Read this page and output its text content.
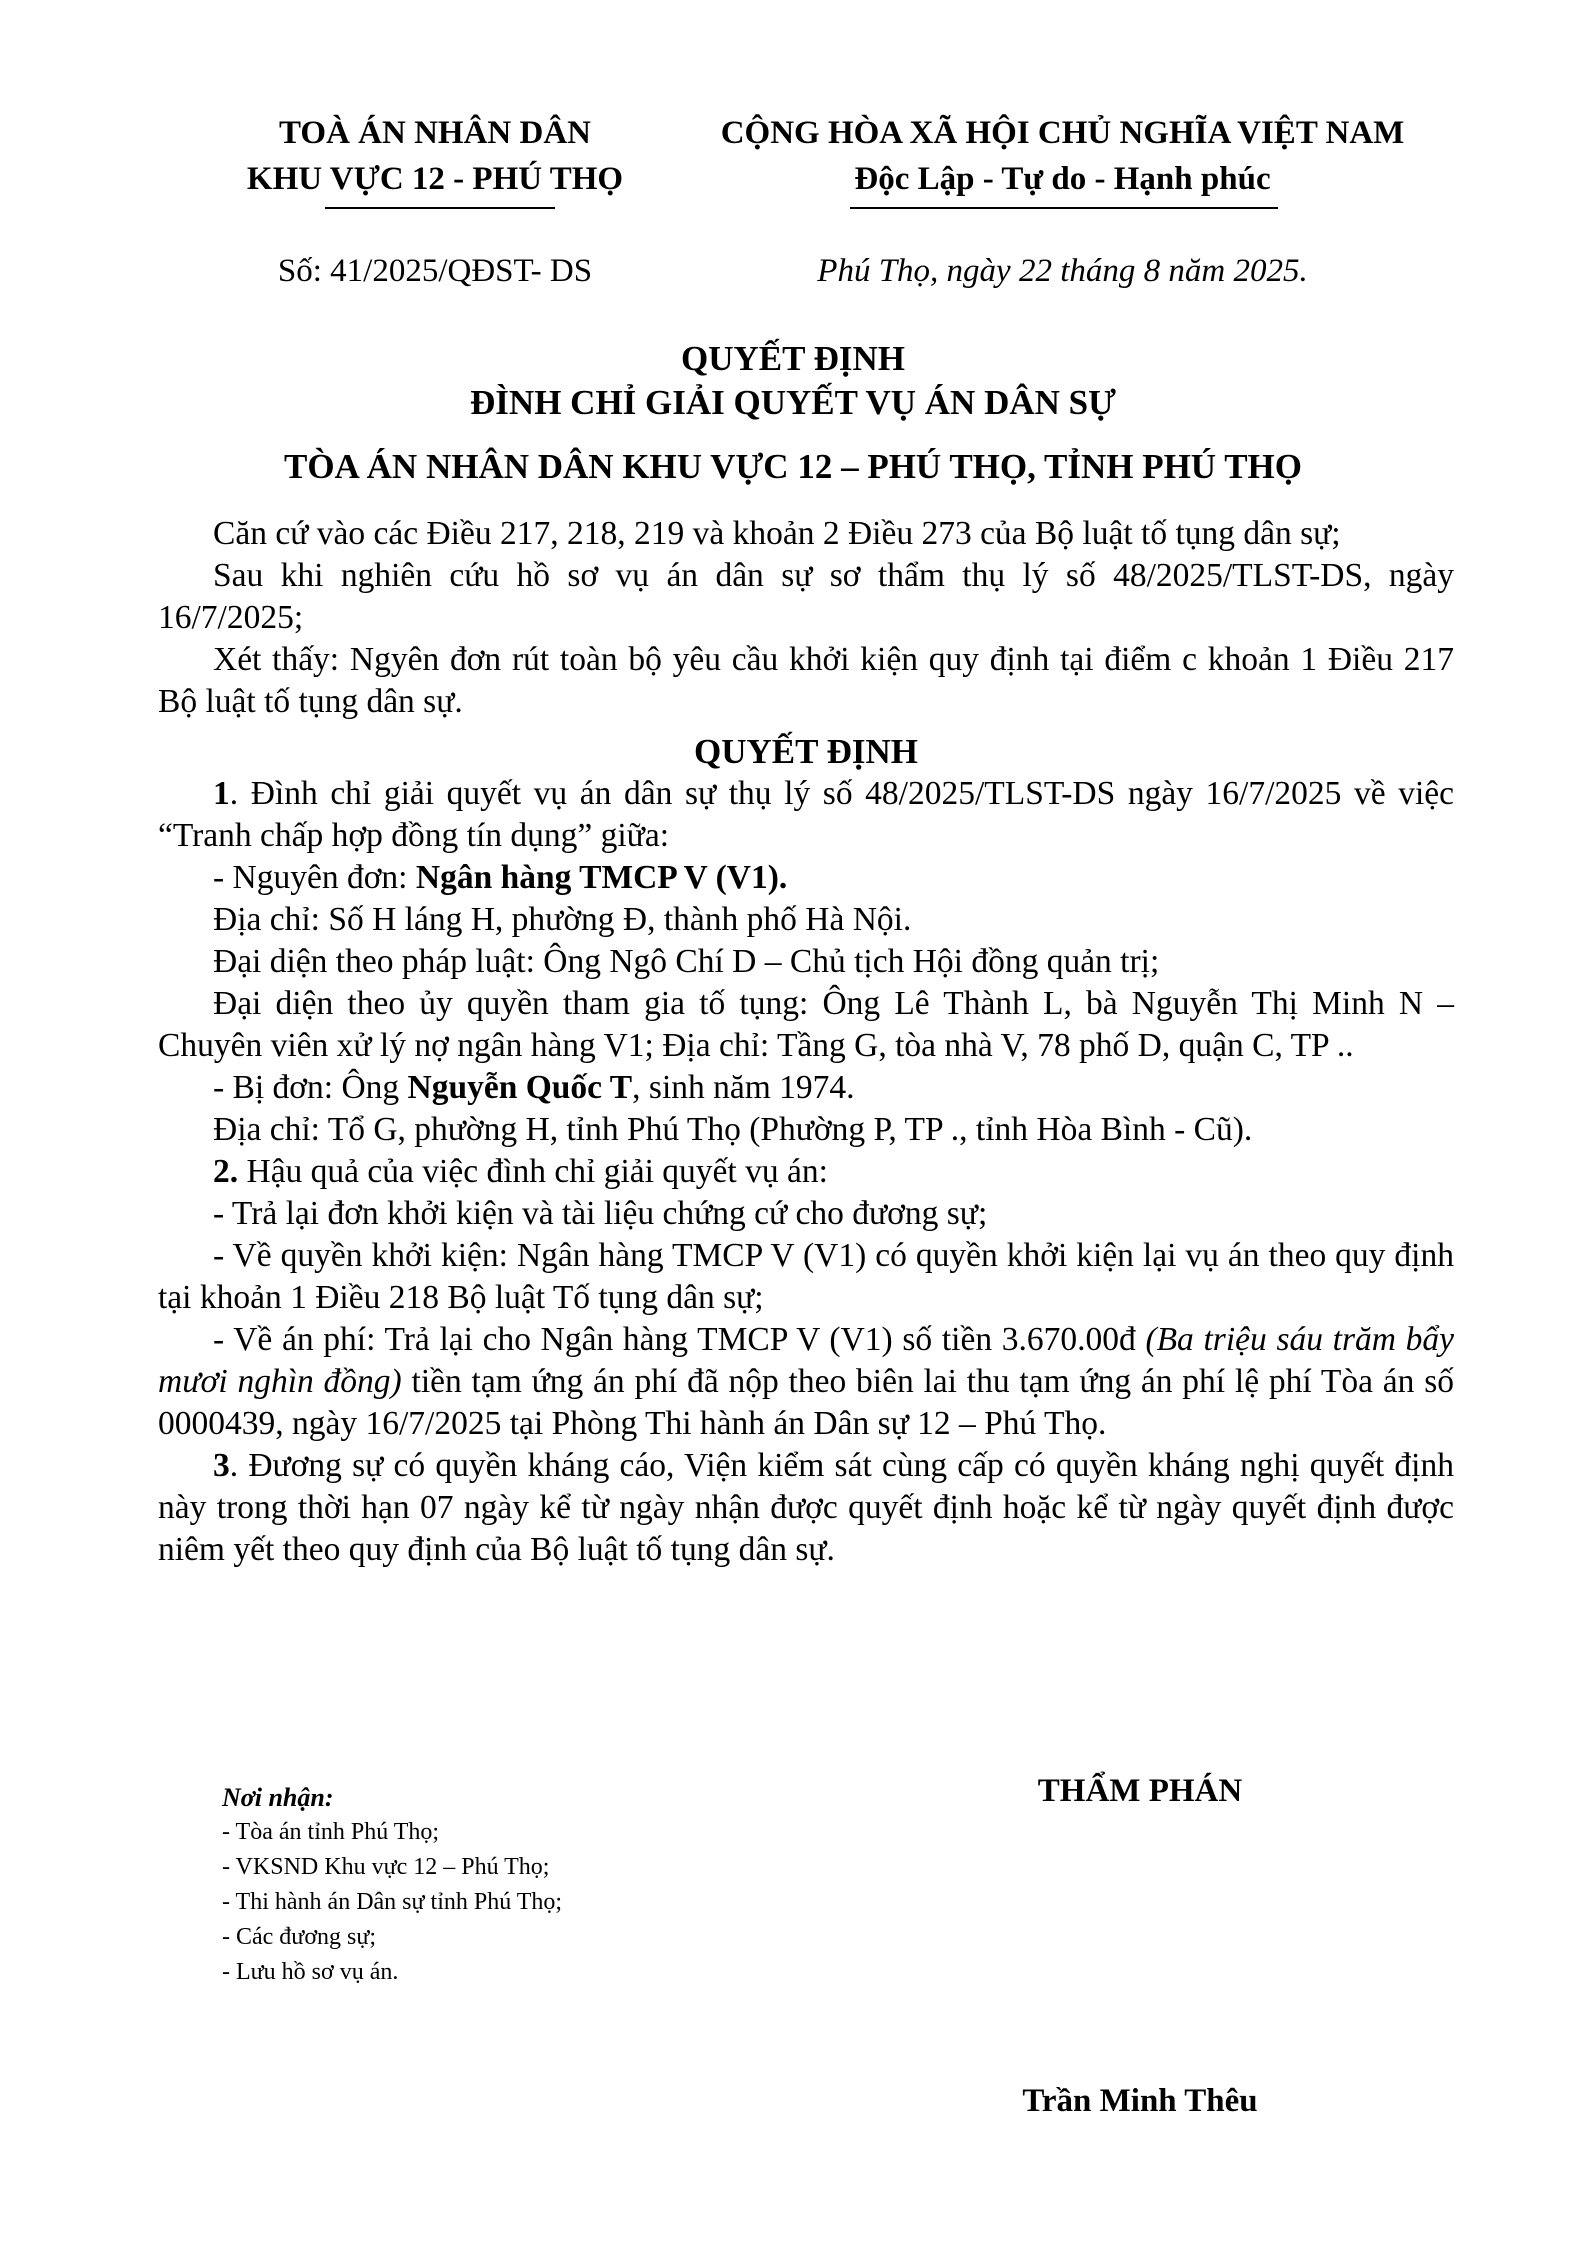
TOÀ ÁN NHÂN DÂN
KHU VỰC 12 - PHÚ THỌ
CỘNG HÒA XÃ HỘI CHỦ NGHĨA VIỆT NAM
Độc Lập - Tự do - Hạnh phúc
Số: 41/2025/QĐST- DS	Phú Thọ, ngày 22 tháng 8 năm 2025.
QUYẾT ĐỊNH
ĐÌNH CHỈ GIẢI QUYẾT VỤ ÁN DÂN SỰ
TÒA ÁN NHÂN DÂN KHU VỰC 12 – PHÚ THỌ, TỈNH PHÚ THỌ

Căn cứ vào các Điều 217, 218, 219 và khoản 2 Điều 273 của Bộ luật tố tụng dân sự;

Sau khi nghiên cứu hồ sơ vụ án dân sự sơ thẩm thụ lý số 48/2025/TLST-DS, ngày 16/7/2025;

Xét thấy: Ngyên đơn rút toàn bộ yêu cầu khởi kiện quy định tại điểm c khoản 1 Điều 217 Bộ luật tố tụng dân sự.

QUYẾT ĐỊNH

1. Đình chỉ giải quyết vụ án dân sự thụ lý số 48/2025/TLST-DS ngày 16/7/2025 về việc “Tranh chấp hợp đồng tín dụng” giữa:

- Nguyên đơn: Ngân hàng TMCP V (V1).

Địa chỉ: Số H láng H, phường Đ, thành phố Hà Nội.

Đại diện theo pháp luật: Ông Ngô Chí D – Chủ tịch Hội đồng quản trị;

Đại diện theo ủy quyền tham gia tố tụng: Ông Lê Thành L, bà Nguyễn Thị Minh N – Chuyên viên xử lý nợ ngân hàng V1; Địa chỉ: Tầng G, tòa nhà V, 78 phố D, quận C, TP ..

- Bị đơn: Ông Nguyễn Quốc T, sinh năm 1974.

Địa chỉ: Tổ G, phường H, tỉnh Phú Thọ (Phường P, TP ., tỉnh Hòa Bình - Cũ).

2. Hậu quả của việc đình chỉ giải quyết vụ án:

- Trả lại đơn khởi kiện và tài liệu chứng cứ cho đương sự;

- Về quyền khởi kiện: Ngân hàng TMCP V (V1) có quyền khởi kiện lại vụ án theo quy định tại khoản 1 Điều 218 Bộ luật Tố tụng dân sự;

- Về án phí: Trả lại cho Ngân hàng TMCP V (V1) số tiền 3.670.00đ (Ba triệu sáu trăm bẩy mươi nghìn đồng) tiền tạm ứng án phí đã nộp theo biên lai thu tạm ứng án phí lệ phí Tòa án số 0000439, ngày 16/7/2025 tại Phòng Thi hành án Dân sự 12 – Phú Thọ.

3. Đương sự có quyền kháng cáo, Viện kiểm sát cùng cấp có quyền kháng nghị quyết định này trong thời hạn 07 ngày kể từ ngày nhận được quyết định hoặc kể từ ngày quyết định được niêm yết theo quy định của Bộ luật tố tụng dân sự.

Nơi nhận:
- Tòa án tỉnh Phú Thọ;
- VKSND Khu vực 12 – Phú Thọ;
- Thi hành án Dân sự tỉnh Phú Thọ;
- Các đương sự;
- Lưu hồ sơ vụ án.
THẨM PHÁN
Trần Minh Thêu
